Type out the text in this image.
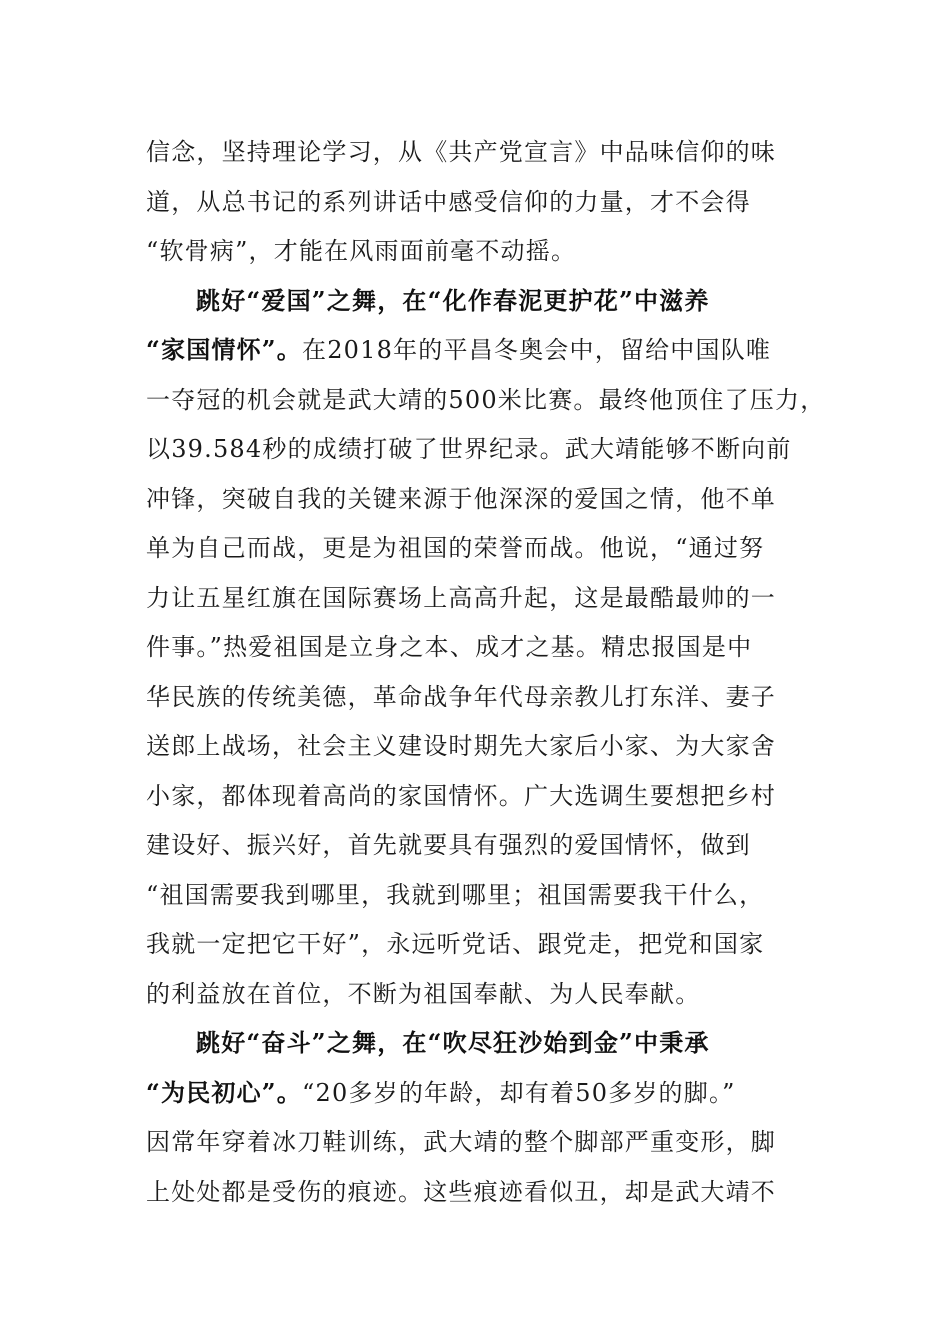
信念，坚持理论学习，从《共产党宣言》中品味信仰的味
道，从总书记的系列讲话中感受信仰的力量，才不会得
“软骨病”，才能在风雨面前毫不动摇。
跳好“爱国”之舞，在“化作春泥更护花”中滋养
“家国情怀”。在2018年的平昌冬奥会中，留给中国队唯
一夺冠的机会就是武大靖的500米比赛。最终他顶住了压力，
以39.584秒的成绩打破了世界纪录。武大靖能够不断向前
冲锋，突破自我的关键来源于他深深的爱国之情，他不单
单为自己而战，更是为祖国的荣誉而战。他说，“通过努
力让五星红旗在国际赛场上高高升起，这是最酷最帅的一
件事。”热爱祖国是立身之本、成才之基。精忠报国是中
华民族的传统美德，革命战争年代母亲教儿打东洋、妻子
送郎上战场，社会主义建设时期先大家后小家、为大家舍
小家，都体现着高尚的家国情怀。广大选调生要想把乡村
建设好、振兴好，首先就要具有强烈的爱国情怀，做到
“祖国需要我到哪里，我就到哪里；祖国需要我干什么，
我就一定把它干好”，永远听党话、跟党走，把党和国家
的利益放在首位，不断为祖国奉献、为人民奉献。
跳好“奋斗”之舞，在“吹尽狂沙始到金”中秉承
“为民初心”。“20多岁的年龄，却有着50多岁的脚。”
因常年穿着冰刀鞋训练，武大靖的整个脚部严重变形，脚
上处处都是受伤的痕迹。这些痕迹看似丑，却是武大靖不
